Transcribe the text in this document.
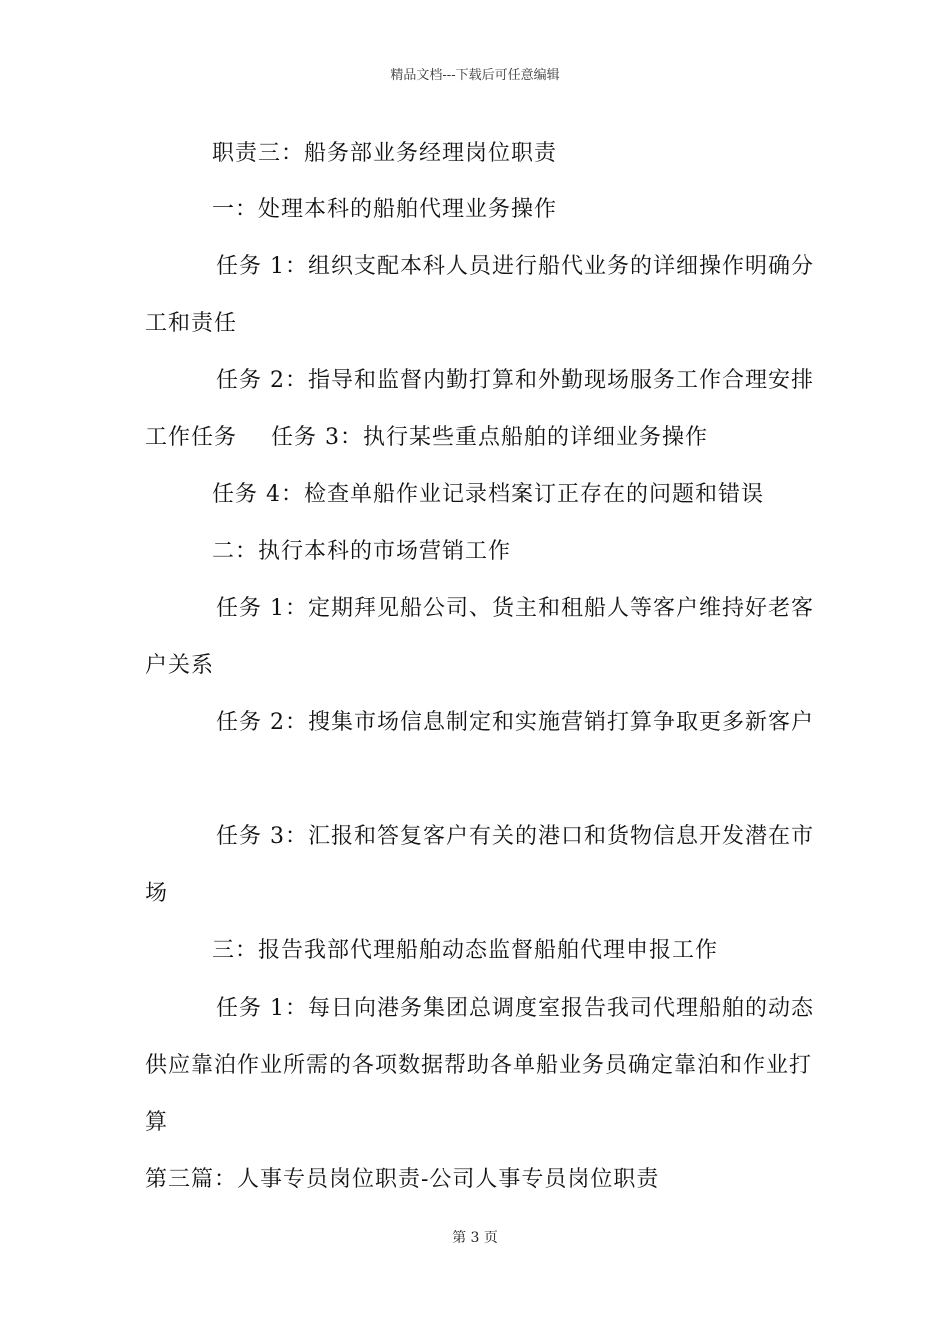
精品文档---下载后可任意编辑
职责三：船务部业务经理岗位职责
一：处理本科的船舶代理业务操作
任务 1：组织支配本科人员进行船代业务的详细操作明确分
工和责任
任务 2：指导和监督内勤打算和外勤现场服务工作合理安排
工作任务 任务 3：执行某些重点船舶的详细业务操作
任务 4：检查单船作业记录档案订正存在的问题和错误
二：执行本科的市场营销工作
任务 1：定期拜见船公司、货主和租船人等客户维持好老客
户关系
任务 2：搜集市场信息制定和实施营销打算争取更多新客户
任务 3：汇报和答复客户有关的港口和货物信息开发潜在市
场
三：报告我部代理船舶动态监督船舶代理申报工作
任务 1：每日向港务集团总调度室报告我司代理船舶的动态
供应靠泊作业所需的各项数据帮助各单船业务员确定靠泊和作业打
算
第三篇：人事专员岗位职责-公司人事专员岗位职责
第 3 页
